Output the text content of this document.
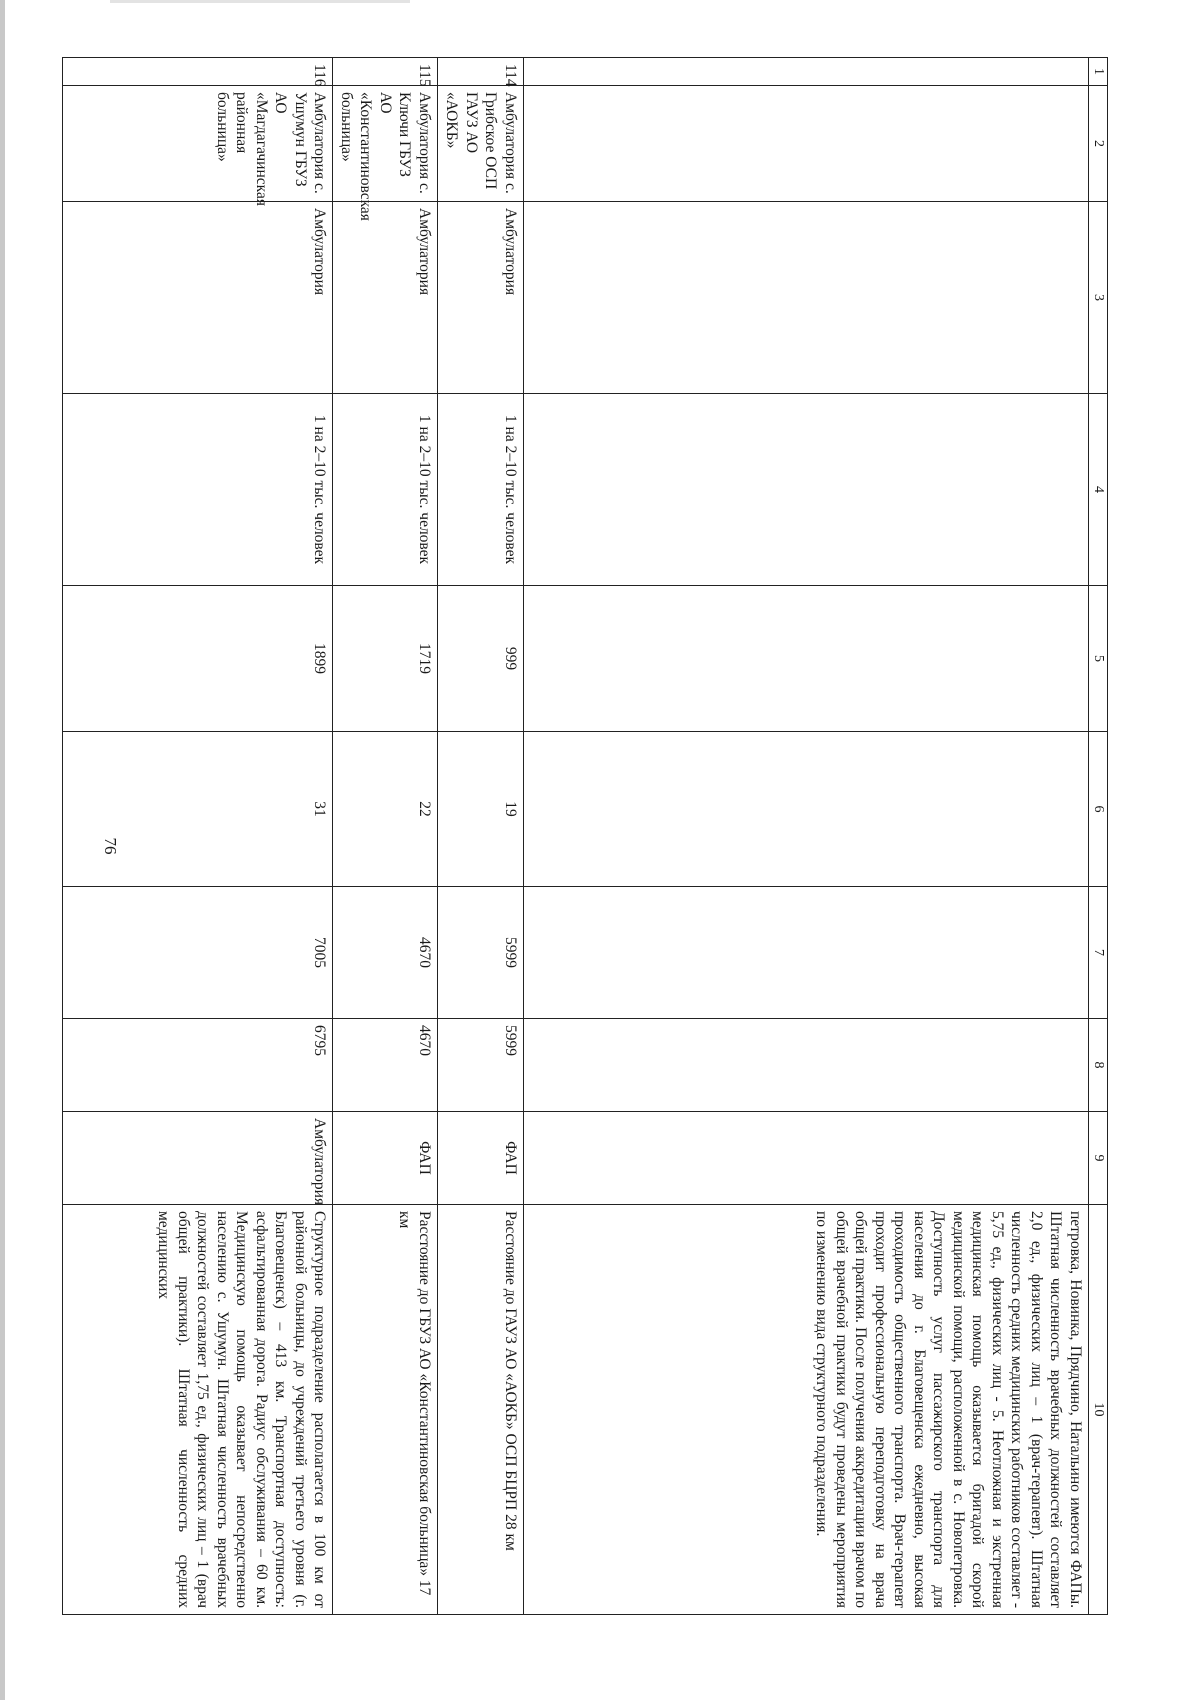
76
1	2	3	4	5	6	7	8	9	10
									петровка, Новинка, Прядчино, Натальино имеются ФАПы. Штатная численность врачебных должностей составляет 2,0 ед., физических лиц – 1 (врач-терапевт). Штатная численность средних медицинских работников составляет - 5,75 ед., физических лиц - 5. Неотложная и экстренная медицинская помощь оказывается бригадой скорой медицинской помощи, расположенной в с. Новопетровка. Доступность услуг пассажирского транспорта для населения до г. Благовещенска ежедневно, высокая проходимость общественного транспорта. Врач-терапевт проходит профессиональную переподготовку на врача общей практики. После получения аккредитации врачом по общей врачебной практики будут проведены мероприятия по изменению вида структурного подразделения.
114	Амбулатория с. Грибское ОСП ГАУЗ АО «АОКБ»	Амбулатория	1 на 2–10 тыс. человек	999	19	5999	5999	ФАП	Расстояние до ГАУЗ АО «АОКБ» ОСП БЦРП 28 км
115	Амбулатория с. Ключи ГБУЗ АО «Константиновская больница»	Амбулатория	1 на 2–10 тыс. человек	1719	22	4670	4670	ФАП	Расстояние до ГБУЗ АО «Константиновская больница» 17 км
116	Амбулатория с. Ушумун ГБУЗ АО «Магдагачинская районная больница»	Амбулатория	1 на 2–10 тыс. человек	1899	31	7005	6795	Амбулатория	Структурное подразделение располагается в 100 км от районной больницы, до учреждений третьего уровня (г. Благовещенск) – 413 км. Транспортная доступность: асфальтированная дорога. Радиус обслуживания – 60 км. Медицинскую помощь оказывает непосредственно населению с. Ушумун. Штатная численность врачебных должностей составляет 1,75 ед., физических лиц – 1 (врач общей практики). Штатная численность средних медицинских
